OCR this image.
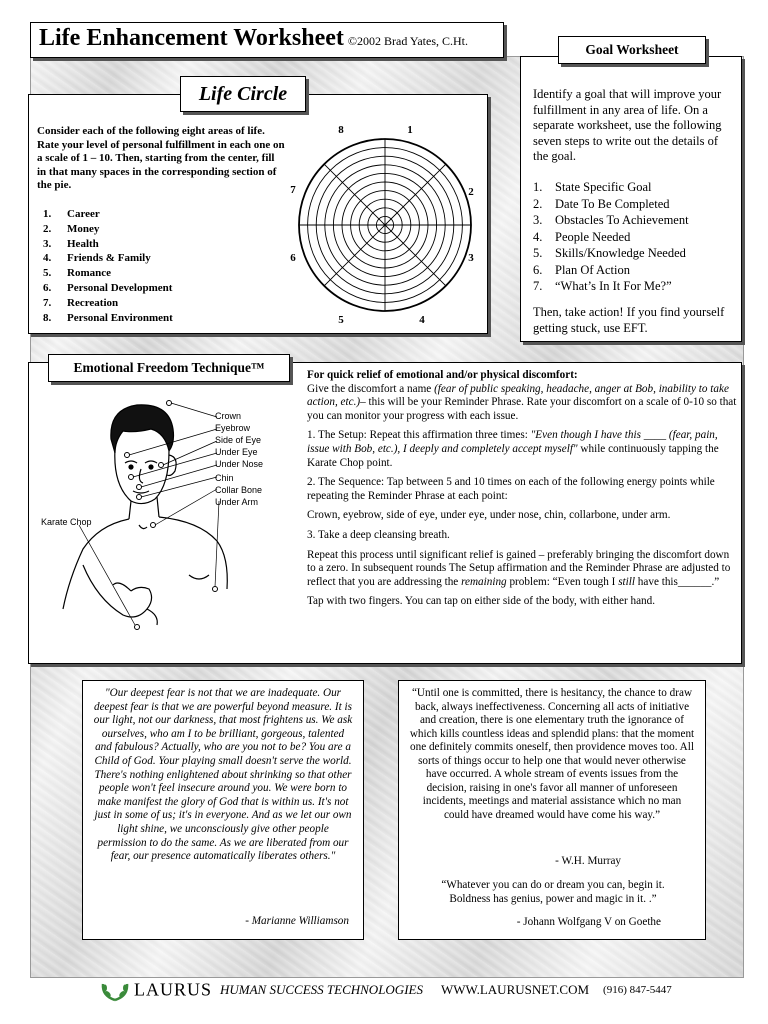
Life Enhancement Worksheet ©2002 Brad Yates, C.Ht.
Consider each of the following eight areas of life. Rate your level of personal fulfillment in each one on a scale of 1 – 10. Then, starting from the center, fill in that many spaces in the corresponding section of the pie.
1. Career
2. Money
3. Health
4. Friends & Family
5. Romance
6. Personal Development
7. Recreation
8. Personal Environment
1
2
3
4
5
6
7
8
Life Circle	Identify a goal that will improve your fulfillment in any area of life. On a separate worksheet, use the following seven steps to write out the details of the goal.
1. State Specific Goal
2. Date To Be Completed
3. Obstacles To Achievement
4. People Needed
5. Skills/Knowledge Needed
6. Plan Of Action
7. “What’s In It For Me?”
Then, take action! If you find yourself getting stuck, use EFT.
Goal Worksheet
Crown
Eyebrow
Side of Eye
Under Eye
Under Nose
Chin
Collar Bone
Under Arm
Karate Chop

For quick relief of emotional and/or physical discomfort:

Give the discomfort a name (fear of public speaking, headache, anger at Bob, inability to take action, etc.)– this will be your Reminder Phrase. Rate your discomfort on a scale of 0-10 so that you can monitor your progress with each issue.

1. The Setup: Repeat this affirmation three times: "Even though I have this ____ (fear, pain, issue with Bob, etc.), I deeply and completely accept myself" while continuously tapping the Karate Chop point.

2. The Sequence: Tap between 5 and 10 times on each of the following energy points while repeating the Reminder Phrase at each point:

Crown, eyebrow, side of eye, under eye, under nose, chin, collarbone, under arm.

3. Take a deep cleansing breath.

Repeat this process until significant relief is gained – preferably bringing the discomfort down to a zero. In subsequent rounds The Setup affirmation and the Reminder Phrase are adjusted to reflect that you are addressing the remaining problem: “Even tough I still have this______.”

Tap with two fingers. You can tap on either side of the body, with either hand.

Emotional Freedom Technique™
"Our deepest fear is not that we are inadequate. Our deepest fear is that we are powerful beyond measure. It is our light, not our darkness, that most frightens us. We ask ourselves, who am I to be brilliant, gorgeous, talented and fabulous? Actually, who are you not to be? You are a Child of God. Your playing small doesn't serve the world. There's nothing enlightened about shrinking so that other people won't feel insecure around you. We were born to make manifest the glory of God that is within us. It's not just in some of us; it's in everyone. And as we let our own light shine, we unconsciously give other people permission to do the same. As we are liberated from our fear, our presence automatically liberates others."
- Marianne Williamson
“Until one is committed, there is hesitancy, the chance to draw back, always ineffectiveness. Concerning all acts of initiative and creation, there is one elementary truth the ignorance of which kills countless ideas and splendid plans: that the moment one definitely commits oneself, then providence moves too. All sorts of things occur to help one that would never otherwise have occurred. A whole stream of events issues from the decision, raising in one's favor all manner of unforeseen incidents, meetings and material assistance which no man could have dreamed would have come his way.”
- W.H. Murray
“Whatever you can do or dream you can, begin it. Boldness has genius, power and magic in it. .”
- Johann Wolfgang V on Goethe
LAURUS HUMAN SUCCESS TECHNOLOGIES WWW.LAURUSNET.COM (916) 847-5447
